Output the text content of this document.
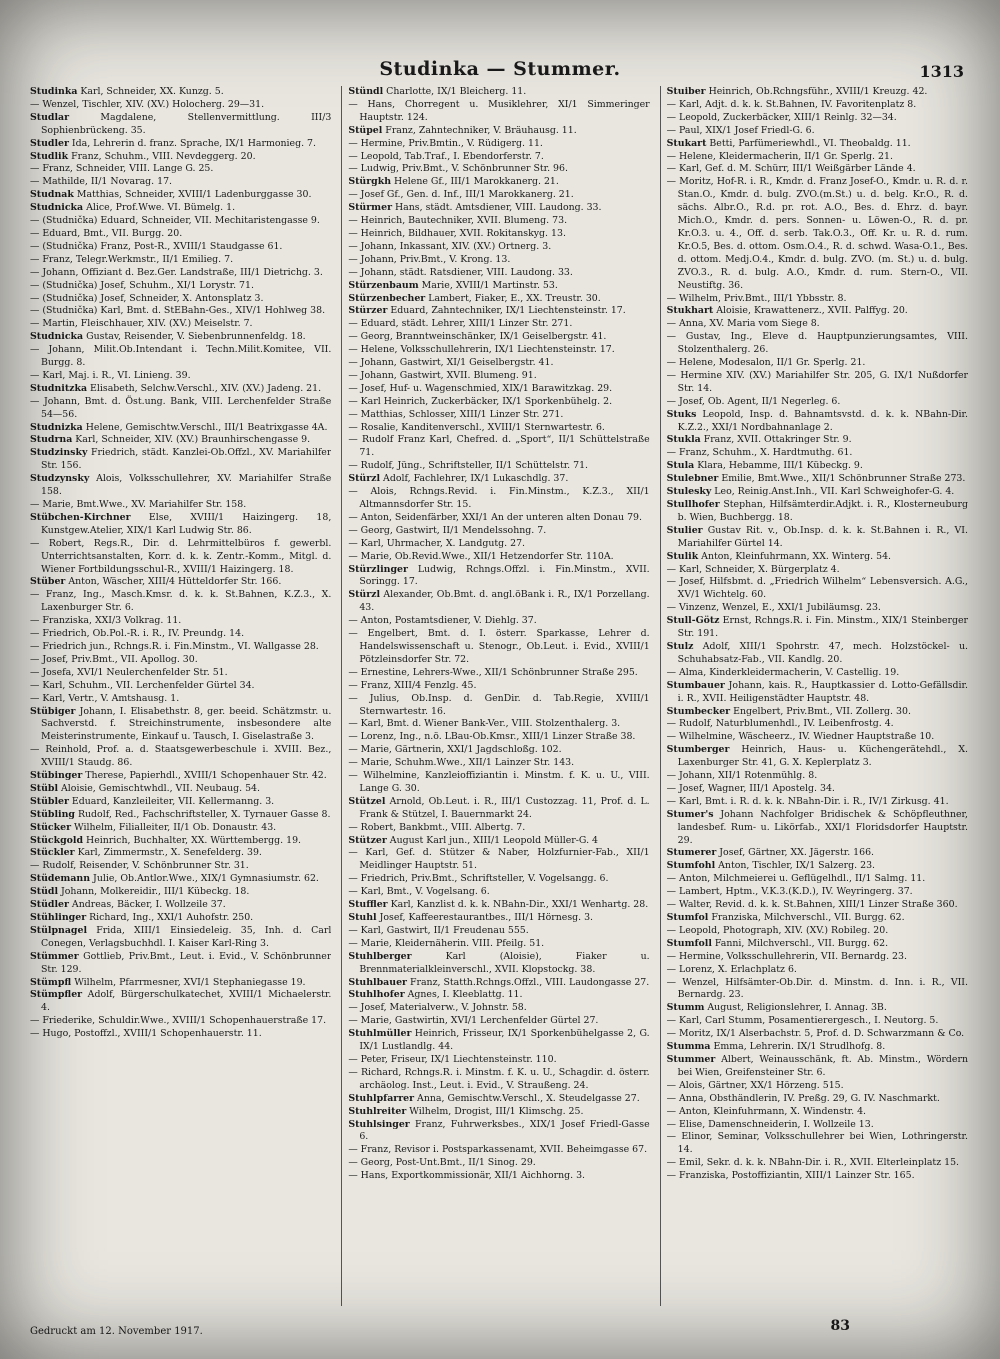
Studinka — Stummer.	1313

Studinka Karl, Schneider, XX. Kunzg. 5.

— Wenzel, Tischler, XIV. (XV.) Holocherg. 29—31.

Studlar Magdalene, Stellenvermittlung. III/3 Sophienbrückeng. 35.

Studler Ida, Lehrerin d. franz. Sprache, IX/1 Harmonieg. 7.

Studlik Franz, Schuhm., VIII. Nevdeggerg. 20.

— Franz, Schneider, VIII. Lange G. 25.

— Mathilde, II/1 Novarag. 17.

Studnak Matthias, Schneider, XVIII/1 Ladenburggasse 30.

Studnicka Alice, Prof.Wwe. VI. Bümelg. 1.

— (Studnička) Eduard, Schneider, VII. Mechitaristengasse 9.

— Eduard, Bmt., VII. Burgg. 20.

— (Studnička) Franz, Post-R., XVIII/1 Staudgasse 61.

— Franz, Telegr.Werkmstr., II/1 Emilieg. 7.

— Johann, Offiziant d. Bez.Ger. Landstraße, III/1 Dietrichg. 3.

— (Studnička) Josef, Schuhm., XI/1 Lorystr. 71.

— (Studnička) Josef, Schneider, X. Antonsplatz 3.

— (Studnička) Karl, Bmt. d. StEBahn-Ges., XIV/1 Hohlweg 38.

— Martin, Fleischhauer, XIV. (XV.) Meiselstr. 7.

Studnicka Gustav, Reisender, V. Siebenbrunnenfeldg. 18.

— Johann, Milit.Ob.Intendant i. Techn.Milit.Komitee, VII. Burgg. 8.

— Karl, Maj. i. R., VI. Linieng. 39.

Studnitzka Elisabeth, Selchw.Verschl., XIV. (XV.) Jadeng. 21.

— Johann, Bmt. d. Öst.ung. Bank, VIII. Lerchenfelder Straße 54—56.

Studnizka Helene, Gemischtw.Verschl., III/1 Beatrixgasse 4A.

Studrna Karl, Schneider, XIV. (XV.) Braunhirschengasse 9.

Studzinsky Friedrich, städt. Kanzlei-Ob.Offzl., XV. Mariahilfer Str. 156.

Studzynsky Alois, Volksschullehrer, XV. Mariahilfer Straße 158.

— Marie, Bmt.Wwe., XV. Mariahilfer Str. 158.

Stübchen-Kirchner Else, XVIII/1 Haizingerg. 18, Kunstgew.Atelier, XIX/1 Karl Ludwig Str. 86.

— Robert, Regs.R., Dir. d. Lehrmittelbüros f. gewerbl. Unterrichtsanstalten, Korr. d. k. k. Zentr.-Komm., Mitgl. d. Wiener Fortbildungsschul-R., XVIII/1 Haizingerg. 18.

Stüber Anton, Wäscher, XIII/4 Hütteldorfer Str. 166.

— Franz, Ing., Masch.Kmsr. d. k. k. St.Bahnen, K.Z.3., X. Laxenburger Str. 6.

— Franziska, XXI/3 Volkrag. 11.

— Friedrich, Ob.Pol.-R. i. R., IV. Preundg. 14.

— Friedrich jun., Rchngs.R. i. Fin.Minstm., VI. Wallgasse 28.

— Josef, Priv.Bmt., VII. Apollog. 30.

— Josefa, XVI/1 Neulerchenfelder Str. 51.

— Karl, Schuhm., VII. Lerchenfelder Gürtel 34.

— Karl, Vertr., V. Amtshausg. 1.

Stübiger Johann, I. Elisabethstr. 8, ger. beeid. Schätzmstr. u. Sachverstd. f. Streichinstrumente, insbesondere alte Meisterinstrumente, Einkauf u. Tausch, I. Giselastraße 3.

— Reinhold, Prof. a. d. Staatsgewerbeschule i. XVIII. Bez., XVIII/1 Staudg. 86.

Stübinger Therese, Papierhdl., XVIII/1 Schopenhauer Str. 42.

Stübl Aloisie, Gemischtwhdl., VII. Neubaug. 54.

Stübler Eduard, Kanzleileiter, VII. Kellermanng. 3.

Stübling Rudolf, Red., Fachschriftsteller, X. Tyrnauer Gasse 8.

Stücker Wilhelm, Filialleiter, II/1 Ob. Donaustr. 43.

Stückgold Heinrich, Buchhalter, XX. Württembergg. 19.

Stückler Karl, Zimmermstr., X. Senefelderg. 39.

— Rudolf, Reisender, V. Schönbrunner Str. 31.

Stüdemann Julie, Ob.Antlor.Wwe., XIX/1 Gymnasiumstr. 62.

Stüdl Johann, Molkereidir., III/1 Kübeckg. 18.

Stüdler Andreas, Bäcker, I. Wollzeile 37.

Stühlinger Richard, Ing., XXI/1 Auhofstr. 250.

Stülpnagel Frida, XIII/1 Einsiedeleig. 35, Inh. d. Carl Conegen, Verlagsbuchhdl. I. Kaiser Karl-Ring 3.

Stümmer Gottlieb, Priv.Bmt., Leut. i. Evid., V. Schönbrunner Str. 129.

Stümpfl Wilhelm, Pfarrmesner, XVI/1 Stephaniegasse 19.

Stümpfler Adolf, Bürgerschulkatechet, XVIII/1 Michaelerstr. 4.

— Friederike, Schuldir.Wwe., XVIII/1 Schopenhauerstraße 17.

— Hugo, Postoffzl., XVIII/1 Schopenhauerstr. 11.

Stündl Charlotte, IX/1 Bleicherg. 11.

— Hans, Chorregent u. Musiklehrer, XI/1 Simmeringer Hauptstr. 124.

Stüpel Franz, Zahntechniker, V. Bräuhausg. 11.

— Hermine, Priv.Bmtin., V. Rüdigerg. 11.

— Leopold, Tab.Traf., I. Ebendorferstr. 7.

— Ludwig, Priv.Bmt., V. Schönbrunner Str. 96.

Stürgkh Helene Gf., III/1 Marokkanerg. 21.

— Josef Gf., Gen. d. Inf., III/1 Marokkanerg. 21.

Stürmer Hans, städt. Amtsdiener, VIII. Laudong. 33.

— Heinrich, Bautechniker, XVII. Blumeng. 73.

— Heinrich, Bildhauer, XVII. Rokitanskyg. 13.

— Johann, Inkassant, XIV. (XV.) Ortnerg. 3.

— Johann, Priv.Bmt., V. Krong. 13.

— Johann, städt. Ratsdiener, VIII. Laudong. 33.

Stürzenbaum Marie, XVIII/1 Martinstr. 53.

Stürzenbecher Lambert, Fiaker, E., XX. Treustr. 30.

Stürzer Eduard, Zahntechniker, IX/1 Liechtensteinstr. 17.

— Eduard, städt. Lehrer, XIII/1 Linzer Str. 271.

— Georg, Branntweinschänker, IX/1 Geiselbergstr. 41.

— Helene, Volksschullehrerin, IX/1 Liechtensteinstr. 17.

— Johann, Gastwirt, XI/1 Geiselbergstr. 41.

— Johann, Gastwirt, XVII. Blumeng. 91.

— Josef, Huf- u. Wagenschmied, XIX/1 Barawitzkag. 29.

— Karl Heinrich, Zuckerbäcker, IX/1 Sporkenbühelg. 2.

— Matthias, Schlosser, XIII/1 Linzer Str. 271.

— Rosalie, Kanditenverschl., XVIII/1 Sternwartestr. 6.

— Rudolf Franz Karl, Chefred. d. „Sport“, II/1 Schüttelstraße 71.

— Rudolf, Jüng., Schriftsteller, II/1 Schüttelstr. 71.

Stürzl Adolf, Fachlehrer, IX/1 Lukaschdlg. 37.

— Alois, Rchngs.Revid. i. Fin.Minstm., K.Z.3., XII/1 Altmannsdorfer Str. 15.

— Anton, Seidenfärber, XXI/1 An der unteren alten Donau 79.

— Georg, Gastwirt, II/1 Mendelssohng. 7.

— Karl, Uhrmacher, X. Landgutg. 27.

— Marie, Ob.Revid.Wwe., XII/1 Hetzendorfer Str. 110A.

Stürzlinger Ludwig, Rchngs.Offzl. i. Fin.Minstm., XVII. Soringg. 17.

Stürzl Alexander, Ob.Bmt. d. angl.öBank i. R., IX/1 Porzellang. 43.

— Anton, Postamtsdiener, V. Diehlg. 37.

— Engelbert, Bmt. d. I. österr. Sparkasse, Lehrer d. Handelswissenschaft u. Stenogr., Ob.Leut. i. Evid., XVIII/1 Pötzleinsdorfer Str. 72.

— Ernestine, Lehrers-Wwe., XII/1 Schönbrunner Straße 295.

— Franz, XIII/4 Fenzlg. 45.

— Julius, Ob.Insp. d. GenDir. d. Tab.Regie, XVIII/1 Sternwartestr. 16.

— Karl, Bmt. d. Wiener Bank-Ver., VIII. Stolzenthalerg. 3.

— Lorenz, Ing., n.ö. LBau-Ob.Kmsr., XIII/1 Linzer Straße 38.

— Marie, Gärtnerin, XXI/1 Jagdschloßg. 102.

— Marie, Schuhm.Wwe., XII/1 Lainzer Str. 143.

— Wilhelmine, Kanzleioffiziantin i. Minstm. f. K. u. U., VIII. Lange G. 30.

Stützel Arnold, Ob.Leut. i. R., III/1 Custozzag. 11, Prof. d. L. Frank & Stützel, I. Bauernmarkt 24.

— Robert, Bankbmt., VIII. Albertg. 7.

Stützer August Karl jun., XIII/1 Leopold Müller-G. 4

— Karl, Gef. d. Stützer & Naber, Holzfurnier-Fab., XII/1 Meidlinger Hauptstr. 51.

— Friedrich, Priv.Bmt., Schriftsteller, V. Vogelsangg. 6.

— Karl, Bmt., V. Vogelsang. 6.

Stuffler Karl, Kanzlist d. k. k. NBahn-Dir., XXI/1 Wenhartg. 28.

Stuhl Josef, Kaffeerestaurantbes., III/1 Hörnesg. 3.

— Karl, Gastwirt, II/1 Freudenau 555.

— Marie, Kleidernäherin. VIII. Pfeilg. 51.

Stuhlberger Karl (Aloisie), Fiaker u. Brennmaterialkleinverschl., XVII. Klopstockg. 38.

Stuhlbauer Franz, Statth.Rchngs.Offzl., VIII. Laudongasse 27.

Stuhlhofer Agnes, I. Kleeblattg. 11.

— Josef, Materialverw., V. Johnstr. 58.

— Marie, Gastwirtin, XVI/1 Lerchenfelder Gürtel 27.

Stuhlmüller Heinrich, Frisseur, IX/1 Sporkenbühelgasse 2, G. IX/1 Lustlandlg. 44.

— Peter, Friseur, IX/1 Liechtensteinstr. 110.

— Richard, Rchngs.R. i. Minstm. f. K. u. U., Schagdir. d. österr. archäolog. Inst., Leut. i. Evid., V. Straußeng. 24.

Stuhlpfarrer Anna, Gemischtw.Verschl., X. Steudelgasse 27.

Stuhlreiter Wilhelm, Drogist, III/1 Klimschg. 25.

Stuhlsinger Franz, Fuhrwerksbes., XIX/1 Josef Friedl-Gasse 6.

— Franz, Revisor i. Postsparkassenamt, XVII. Beheimgasse 67.

— Georg, Post-Unt.Bmt., II/1 Sinog. 29.

— Hans, Exportkommissionär, XII/1 Aichhorng. 3.

Stuiber Heinrich, Ob.Rchngsführ., XVIII/1 Kreuzg. 42.

— Karl, Adjt. d. k. k. St.Bahnen, IV. Favoritenplatz 8.

— Leopold, Zuckerbäcker, XIII/1 Reinlg. 32—34.

— Paul, XIX/1 Josef Friedl-G. 6.

Stukart Betti, Parfümeriewhdl., VI. Theobaldg. 11.

— Helene, Kleidermacherin, II/1 Gr. Sperlg. 21.

— Karl, Gef. d. M. Schürr, III/1 Weißgärber Lände 4.

— Moritz, Hof-R. i. R., Kmdr. d. Franz Josef-O., Kmdr. u. R. d. r. Stan.O., Kmdr. d. bulg. ZVO.(m.St.) u. d. belg. Kr.O., R. d. sächs. Albr.O., R.d. pr. rot. A.O., Bes. d. Ehrz. d. bayr. Mich.O., Kmdr. d. pers. Sonnen- u. Löwen-O., R. d. pr. Kr.O.3. u. 4., Off. d. serb. Tak.O.3., Off. Kr. u. R. d. rum. Kr.O.5, Bes. d. ottom. Osm.O.4., R. d. schwd. Wasa-O.1., Bes. d. ottom. Medj.O.4., Kmdr. d. bulg. ZVO. (m. St.) u. d. bulg. ZVO.3., R. d. bulg. A.O., Kmdr. d. rum. Stern-O., VII. Neustiftg. 36.

— Wilhelm, Priv.Bmt., III/1 Ybbsstr. 8.

Stukhart Aloisie, Krawattenerz., XVII. Palffyg. 20.

— Anna, XV. Maria vom Siege 8.

— Gustav, Ing., Eleve d. Hauptpunzierungsamtes, VIII. Stolzenthalerg. 26.

— Helene, Modesalon, II/1 Gr. Sperlg. 21.

— Hermine XIV. (XV.) Mariahilfer Str. 205, G. IX/1 Nußdorfer Str. 14.

— Josef, Ob. Agent, II/1 Negerleg. 6.

Stuks Leopold, Insp. d. Bahnamtsvstd. d. k. k. NBahn-Dir. K.Z.2., XXI/1 Nordbahnanlage 2.

Stukla Franz, XVII. Ottakringer Str. 9.

— Franz, Schuhm., X. Hardtmuthg. 61.

Stula Klara, Hebamme, III/1 Kübeckg. 9.

Stulebner Emilie, Bmt.Wwe., XII/1 Schönbrunner Straße 273.

Stulesky Leo, Reinig.Anst.Inh., VII. Karl Schweighofer-G. 4.

Stullhofer Stephan, Hilfsämterdir.Adjkt. i. R., Klosterneuburg b. Wien, Buchbergg. 18.

Stulier Gustav Rit. v., Ob.Insp. d. k. k. St.Bahnen i. R., VI. Mariahilfer Gürtel 14.

Stulik Anton, Kleinfuhrmann, XX. Winterg. 54.

— Karl, Schneider, X. Bürgerplatz 4.

— Josef, Hilfsbmt. d. „Friedrich Wilhelm“ Lebensversich. A.G., XV/1 Wichtelg. 60.

— Vinzenz, Wenzel, E., XXI/1 Jubiläumsg. 23.

Stull-Götz Ernst, Rchngs.R. i. Fin. Minstm., XIX/1 Steinberger Str. 191.

Stulz Adolf, XIII/1 Spohrstr. 47, mech. Holzstöckel- u. Schuhabsatz-Fab., VII. Kandlg. 20.

— Alma, Kinderkleidermacherin, V. Castellig. 19.

Stumbauer Johann, kais. R., Hauptkassier d. Lotto-Gefällsdir. i. R., XVII. Heiligenstädter Hauptstr. 48.

Stumbecker Engelbert, Priv.Bmt., VII. Zollerg. 30.

— Rudolf, Naturblumenhdl., IV. Leibenfrostg. 4.

— Wilhelmine, Wäscheerz., IV. Wiedner Hauptstraße 10.

Stumberger Heinrich, Haus- u. Küchengerätehdl., X. Laxenburger Str. 41, G. X. Keplerplatz 3.

— Johann, XII/1 Rotenmühlg. 8.

— Josef, Wagner, III/1 Apostelg. 34.

— Karl, Bmt. i. R. d. k. k. NBahn-Dir. i. R., IV/1 Zirkusg. 41.

Stumer's Johann Nachfolger Bridischek & Schöpfleuthner, landesbef. Rum- u. Likörfab., XXI/1 Floridsdorfer Hauptstr. 29.

Stumerer Josef, Gärtner, XX. Jägerstr. 166.

Stumfohl Anton, Tischler, IX/1 Salzerg. 23.

— Anton, Milchmeierei u. Geflügelhdl., II/1 Salmg. 11.

— Lambert, Hptm., V.K.3.(K.D.), IV. Weyringerg. 37.

— Walter, Revid. d. k. k. St.Bahnen, XIII/1 Linzer Straße 360.

Stumfol Franziska, Milchverschl., VII. Burgg. 62.

— Leopold, Photograph, XIV. (XV.) Robileg. 20.

Stumfoll Fanni, Milchverschl., VII. Burgg. 62.

— Hermine, Volksschullehrerin, VII. Bernardg. 23.

— Lorenz, X. Erlachplatz 6.

— Wenzel, Hilfsämter-Ob.Dir. d. Minstm. d. Inn. i. R., VII. Bernardg. 23.

Stumm August, Religionslehrer, I. Annag. 3B.

— Karl, Carl Stumm, Posamentierergesch., I. Neutorg. 5.

— Moritz, IX/1 Alserbachstr. 5, Prof. d. D. Schwarzmann & Co.

Stumma Emma, Lehrerin. IX/1 Strudlhofg. 8.

Stummer Albert, Weinausschänk, ft. Ab. Minstm., Wördern bei Wien, Greifensteiner Str. 6.

— Alois, Gärtner, XX/1 Hörzeng. 515.

— Anna, Obsthändlerin, IV. Preßg. 29, G. IV. Naschmarkt.

— Anton, Kleinfuhrmann, X. Windenstr. 4.

— Elise, Damenschneiderin, I. Wollzeile 13.

— Elinor, Seminar, Volksschullehrer bei Wien, Lothringerstr. 14.

— Emil, Sekr. d. k. k. NBahn-Dir. i. R., XVII. Elterleinplatz 15.

— Franziska, Postoffiziantin, XIII/1 Lainzer Str. 165.

Gedruckt am 12. November 1917.	83
